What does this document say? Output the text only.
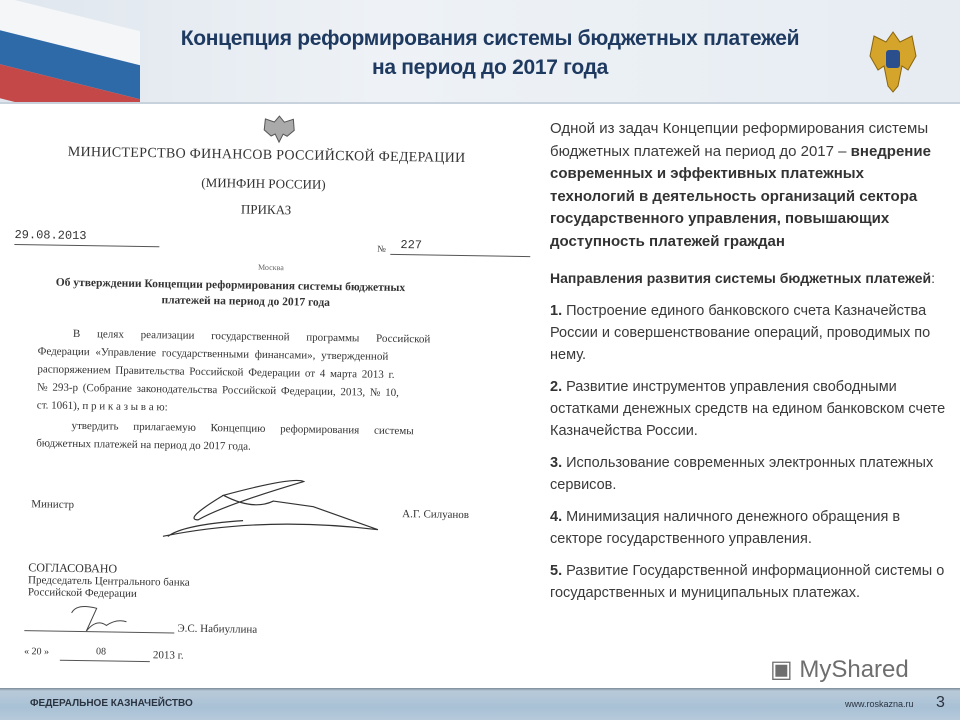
Концепция реформирования системы бюджетных платежей
на период до 2017 года
МИНИСТЕРСТВО ФИНАНСОВ РОССИЙСКОЙ ФЕДЕРАЦИИ
(МИНФИН РОССИИ)
ПРИКАЗ
29.08.2013
№ 227
Москва
Об утверждении Концепции реформирования системы бюджетных
платежей на период до 2017 года
В целях реализации государственной программы Российской
Федерации «Управление государственными финансами», утвержденной
распоряжением Правительства Российской Федерации от 4 марта 2013 г.
№ 293-р (Собрание законодательства Российской Федерации, 2013, № 10,
ст. 1061), п р и к а з ы в а ю:
утвердить прилагаемую Концепцию реформирования системы
бюджетных платежей на период до 2017 года.
Министр
А.Г. Силуанов
СОГЛАСОВАНО
Председатель Центрального банка
Российской Федерации
Э.С. Набиуллина
« 20 »	08	2013 г.

Одной из задач Концепции реформирования системы бюджетных платежей на период до 2017 – внедрение современных и эффективных платежных технологий в деятельность организаций сектора государственного управления, повышающих доступность платежей граждан

Направления развития системы бюджетных платежей:

1. Построение единого банковского счета Казначейства России и совершенствование операций, проводимых по нему.

2. Развитие инструментов управления свободными остатками денежных средств на едином банковском счете Казначейства России.

3. Использование современных электронных платежных сервисов.

4. Минимизация наличного денежного обращения в секторе государственного управления.

5. Развитие Государственной информационной системы о государственных и муниципальных платежах.

▣ MyShared
ФЕДЕРАЛЬНОЕ КАЗНАЧЕЙСТВО	www.roskazna.ru 3
